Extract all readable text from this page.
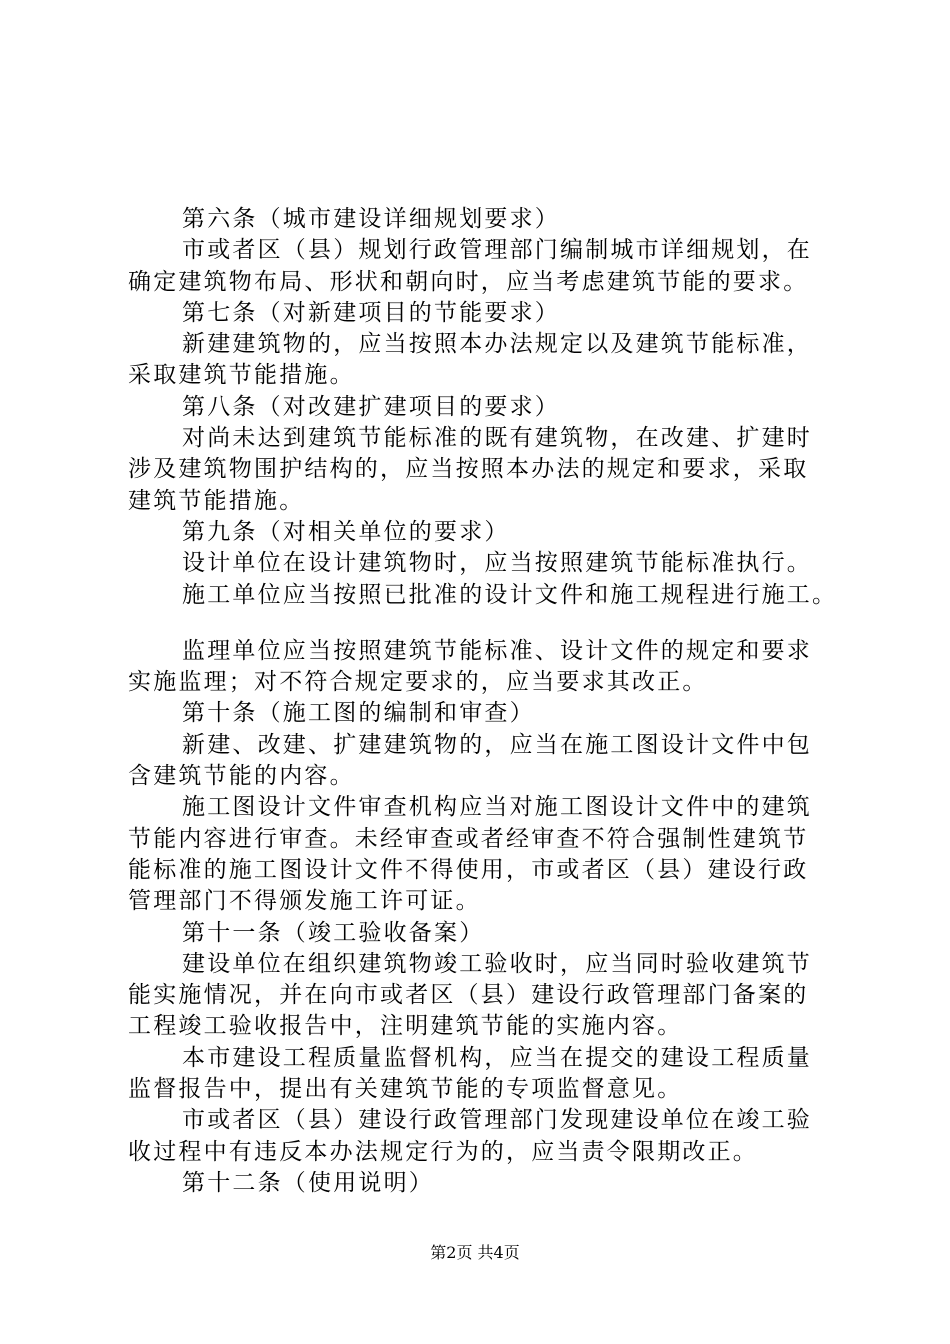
第六条（城市建设详细规划要求）
市或者区（县）规划行政管理部门编制城市详细规划，在
确定建筑物布局、形状和朝向时，应当考虑建筑节能的要求。
第七条（对新建项目的节能要求）
新建建筑物的，应当按照本办法规定以及建筑节能标准，
采取建筑节能措施。
第八条（对改建扩建项目的要求）
对尚未达到建筑节能标准的既有建筑物，在改建、扩建时
涉及建筑物围护结构的，应当按照本办法的规定和要求，采取
建筑节能措施。
第九条（对相关单位的要求）
设计单位在设计建筑物时，应当按照建筑节能标准执行。
施工单位应当按照已批准的设计文件和施工规程进行施工。
监理单位应当按照建筑节能标准、设计文件的规定和要求
实施监理；对不符合规定要求的，应当要求其改正。
第十条（施工图的编制和审查）
新建、改建、扩建建筑物的，应当在施工图设计文件中包
含建筑节能的内容。
施工图设计文件审查机构应当对施工图设计文件中的建筑
节能内容进行审查。未经审查或者经审查不符合强制性建筑节
能标准的施工图设计文件不得使用，市或者区（县）建设行政
管理部门不得颁发施工许可证。
第十一条（竣工验收备案）
建设单位在组织建筑物竣工验收时，应当同时验收建筑节
能实施情况，并在向市或者区（县）建设行政管理部门备案的
工程竣工验收报告中，注明建筑节能的实施内容。
本市建设工程质量监督机构，应当在提交的建设工程质量
监督报告中，提出有关建筑节能的专项监督意见。
市或者区（县）建设行政管理部门发现建设单位在竣工验
收过程中有违反本办法规定行为的，应当责令限期改正。
第十二条（使用说明）
第2页 共4页
